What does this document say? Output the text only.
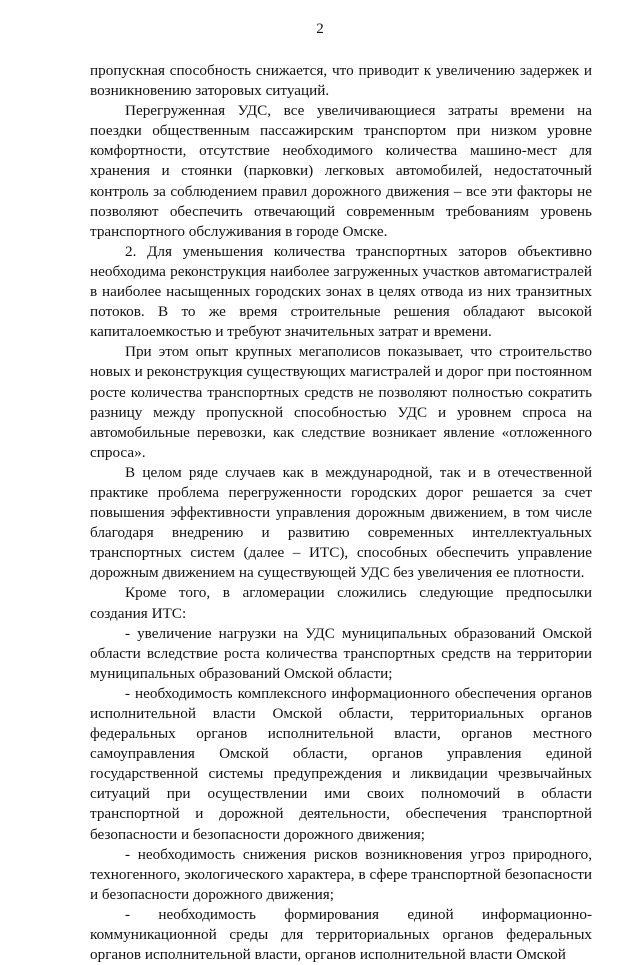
2

пропускная способность снижается, что приводит к увеличению задержек и возникновению заторовых ситуаций.

Перегруженная УДС, все увеличивающиеся затраты времени на поездки общественным пассажирским транспортом при низком уровне комфортности, отсутствие необходимого количества машино-мест для хранения и стоянки (парковки) легковых автомобилей, недостаточный контроль за соблюдением правил дорожного движения – все эти факторы не позволяют обеспечить отвечающий современным требованиям уровень транспортного обслуживания в городе Омске.

2. Для уменьшения количества транспортных заторов объективно необходима реконструкция наиболее загруженных участков автомагистралей в наиболее насыщенных городских зонах в целях отвода из них транзитных потоков. В то же время строительные решения обладают высокой капиталоемкостью и требуют значительных затрат и времени.

При этом опыт крупных мегаполисов показывает, что строительство новых и реконструкция существующих магистралей и дорог при постоянном росте количества транспортных средств не позволяют полностью сократить разницу между пропускной способностью УДС и уровнем спроса на автомобильные перевозки, как следствие возникает явление «отложенного спроса».

В целом ряде случаев как в международной, так и в отечественной практике проблема перегруженности городских дорог решается за счет повышения эффективности управления дорожным движением, в том числе благодаря внедрению и развитию современных интеллектуальных транспортных систем (далее – ИТС), способных обеспечить управление дорожным движением на существующей УДС без увеличения ее плотности.

Кроме того, в агломерации сложились следующие предпосылки создания ИТС:

- увеличение нагрузки на УДС муниципальных образований Омской области вследствие роста количества транспортных средств на территории муниципальных образований Омской области;

- необходимость комплексного информационного обеспечения органов исполнительной власти Омской области, территориальных органов федеральных органов исполнительной власти, органов местного самоуправления Омской области, органов управления единой государственной системы предупреждения и ликвидации чрезвычайных ситуаций при осуществлении ими своих полномочий в области транспортной и дорожной деятельности, обеспечения транспортной безопасности и безопасности дорожного движения;

- необходимость снижения рисков возникновения угроз природного, техногенного, экологического характера, в сфере транспортной безопасности и безопасности дорожного движения;

- необходимость формирования единой информационно-коммуникационной среды для территориальных органов федеральных органов исполнительной власти, органов исполнительной власти Омской
